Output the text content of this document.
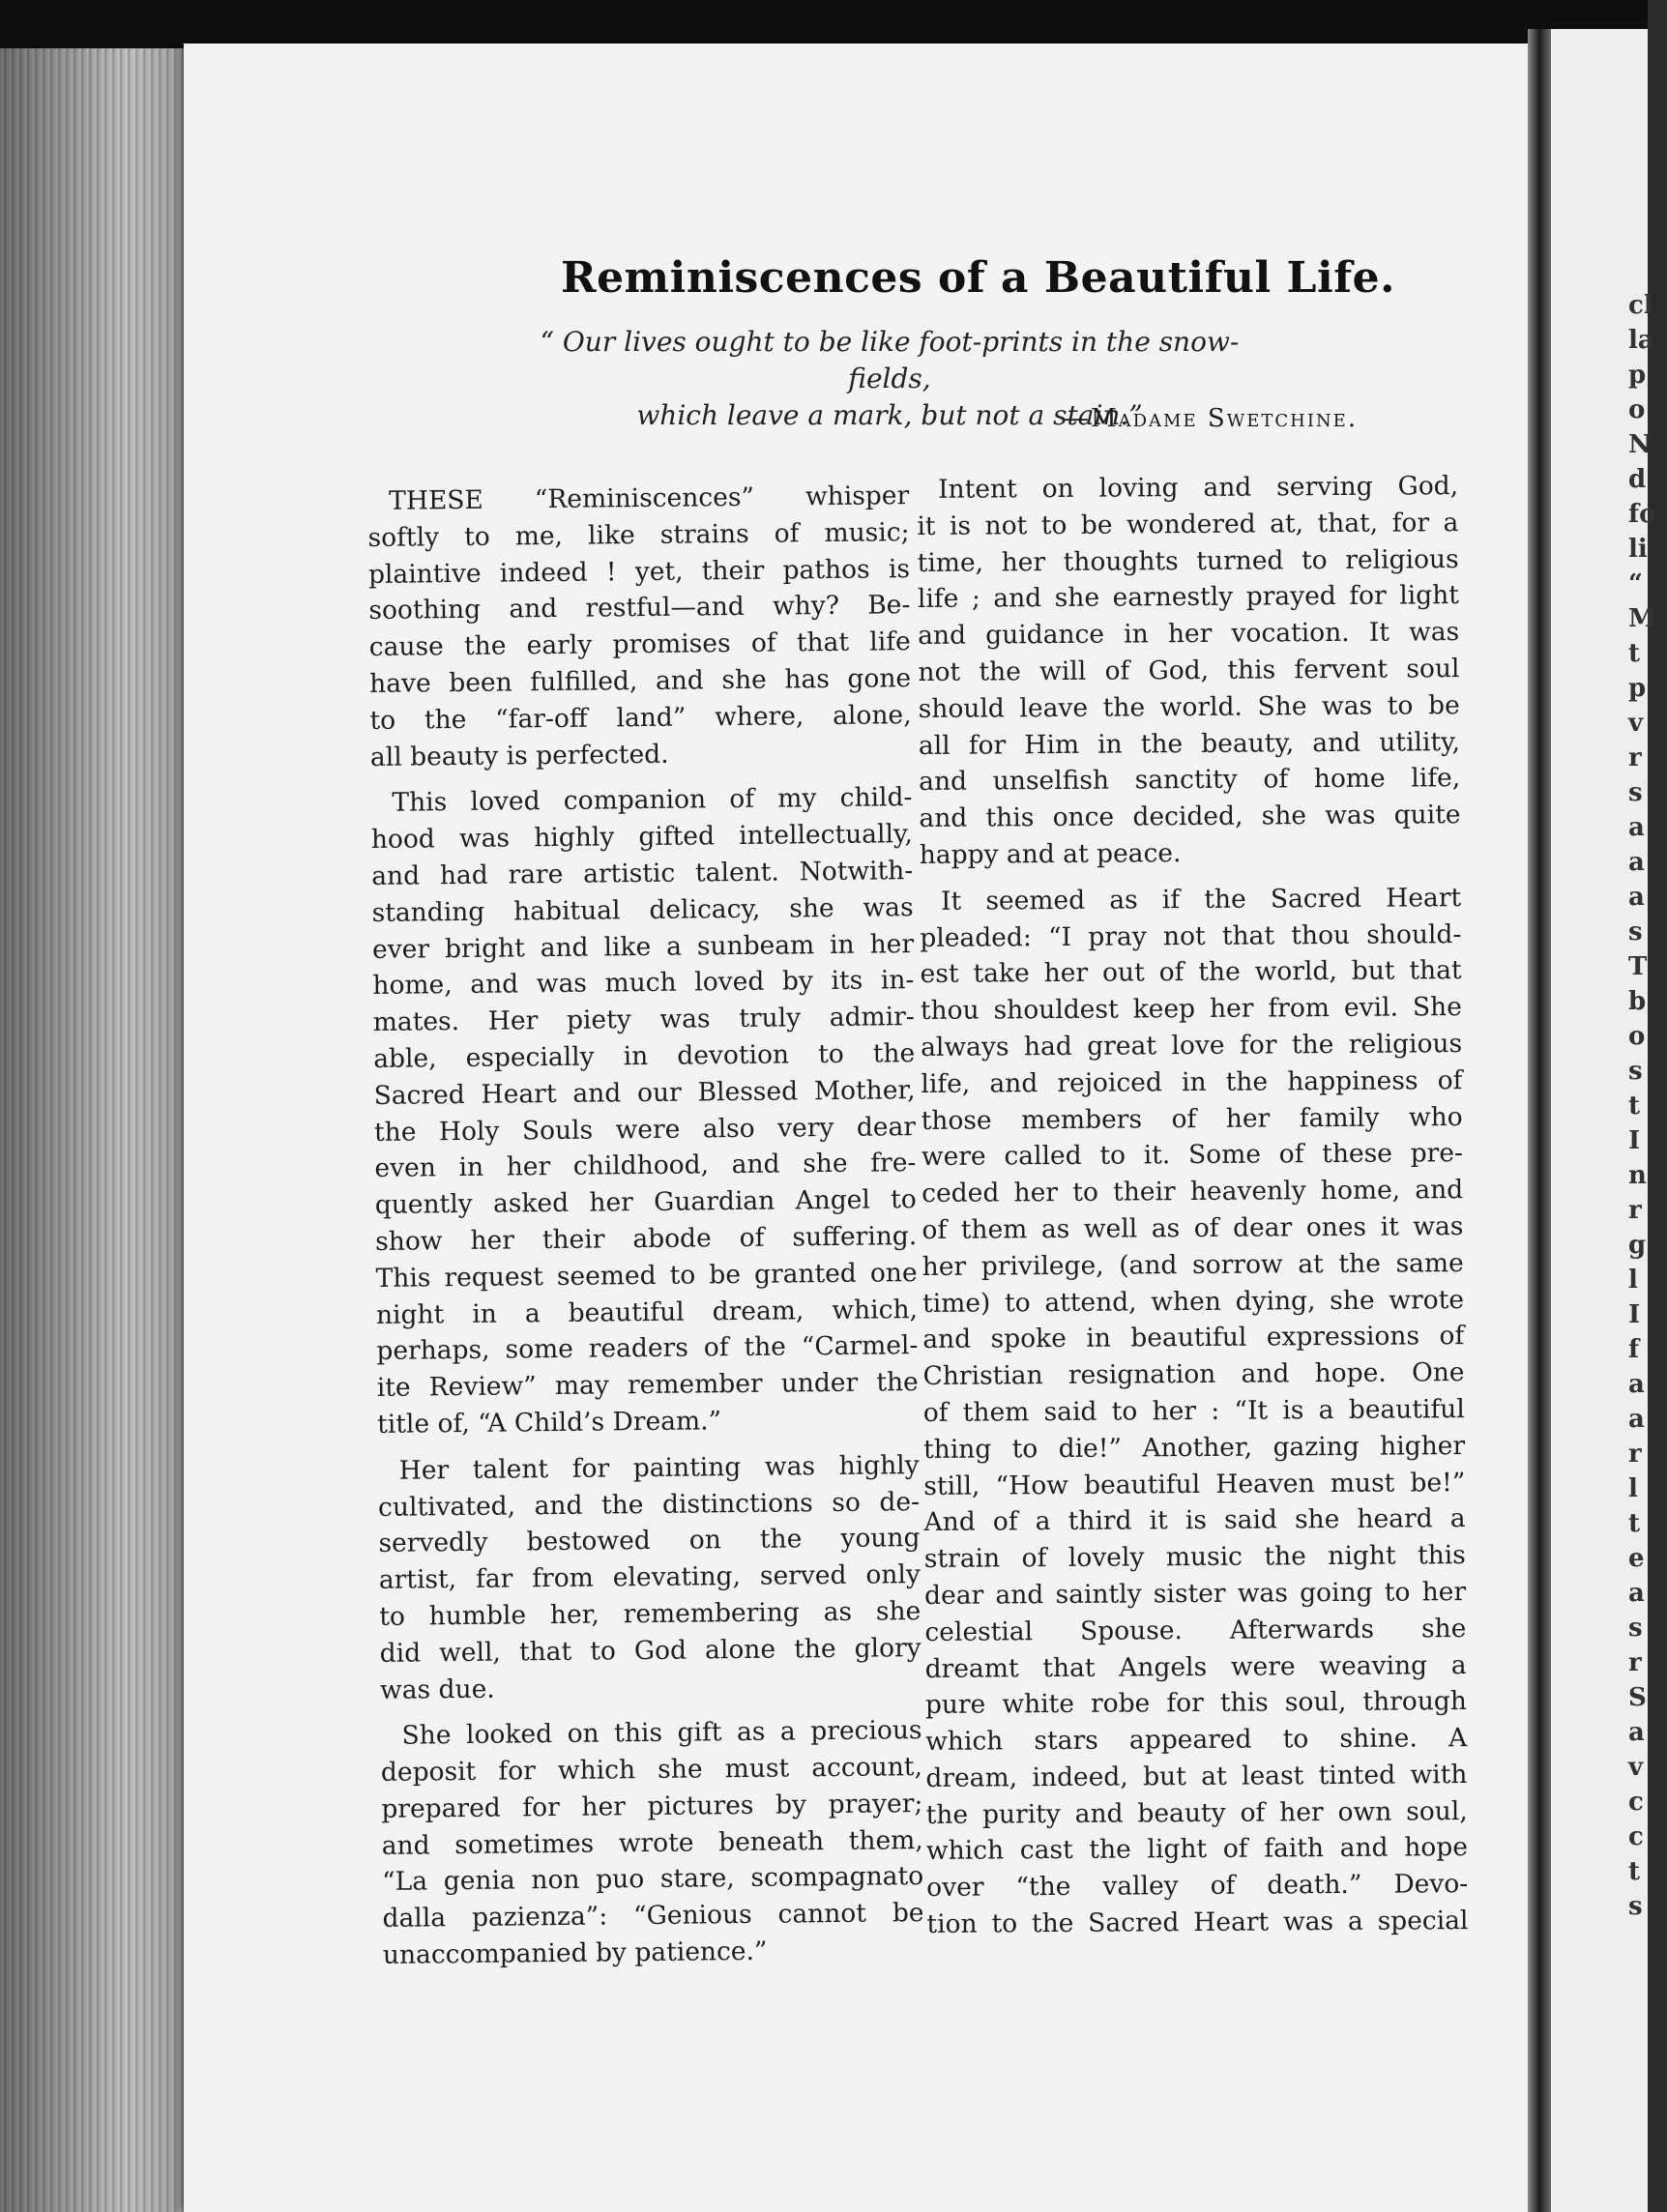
Reminiscences of a Beautiful Life.
“ Our lives ought to be like foot-prints in the snow-fields,
which leave a mark, but not a stain.”
—Madame Swetchine.
THESE “Reminiscences” whisper
softly to me, like strains of music;
plaintive indeed ! yet, their pathos is
soothing and restful—and why? Be-
cause the early promises of that life
have been fulfilled, and she has gone
to the “far-off land” where, alone,
all beauty is perfected.
This loved companion of my child-
hood was highly gifted intellectually,
and had rare artistic talent. Notwith-
standing habitual delicacy, she was
ever bright and like a sunbeam in her
home, and was much loved by its in-
mates. Her piety was truly admir-
able, especially in devotion to the
Sacred Heart and our Blessed Mother,
the Holy Souls were also very dear
even in her childhood, and she fre-
quently asked her Guardian Angel to
show her their abode of suffering.
This request seemed to be granted one
night in a beautiful dream, which,
perhaps, some readers of the “Carmel-
ite Review” may remember under the
title of, “A Child’s Dream.”
Her talent for painting was highly
cultivated, and the distinctions so de-
servedly bestowed on the young
artist, far from elevating, served only
to humble her, remembering as she
did well, that to God alone the glory
was due.
She looked on this gift as a precious
deposit for which she must account,
prepared for her pictures by prayer;
and sometimes wrote beneath them,
“La genia non puo stare, scompagnato
dalla pazienza”: “Genious cannot be
unaccompanied by patience.”
Intent on loving and serving God,
it is not to be wondered at, that, for a
time, her thoughts turned to religious
life ; and she earnestly prayed for light
and guidance in her vocation. It was
not the will of God, this fervent soul
should leave the world. She was to be
all for Him in the beauty, and utility,
and unselfish sanctity of home life,
and this once decided, she was quite
happy and at peace.
It seemed as if the Sacred Heart
pleaded: “I pray not that thou should-
est take her out of the world, but that
thou shouldest keep her from evil. She
always had great love for the religious
life, and rejoiced in the happiness of
those members of her family who
were called to it. Some of these pre-
ceded her to their heavenly home, and
of them as well as of dear ones it was
her privilege, (and sorrow at the same
time) to attend, when dying, she wrote
and spoke in beautiful expressions of
Christian resignation and hope. One
of them said to her : “It is a beautiful
thing to die!” Another, gazing higher
still, “How beautiful Heaven must be!”
And of a third it is said she heard a
strain of lovely music the night this
dear and saintly sister was going to her
celestial Spouse. Afterwards she
dreamt that Angels were weaving a
pure white robe for this soul, through
which stars appeared to shine. A
dream, indeed, but at least tinted with
the purity and beauty of her own soul,
which cast the light of faith and hope
over “the valley of death.” Devo-
tion to the Sacred Heart was a special
cl
la
p
o
N
d
fo
li
“
M
t
p
v
r
s
a
a
a
s
T
b
o
s
t
I
n
r
g
l
I
f
a
a
r
l
t
e
a
s
r
S
a
v
c
c
t
s
